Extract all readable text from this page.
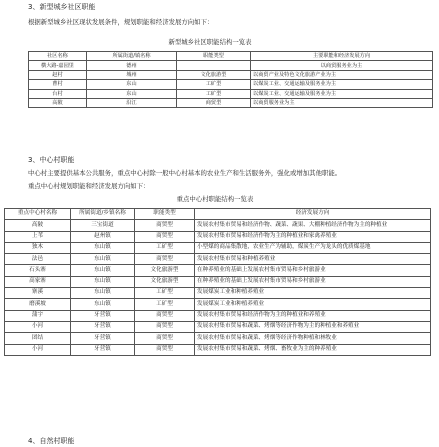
3、新型城乡社区职能
根据新型城乡社区现状发展条件，规划职能和经济发展方向如下：
新型城乡社区职能结构一览表
社区名称	所属街道/镇名称	职能类型	主要职能和经济发展方向
横大路-嘉园里	德州		以商贸服务业为主
赵村	城州	文化旅游型	以商贸产业及特色文化旅游产业为主
曹村	东山	工矿型	以煤炭工业、交通运输及服务业为主
台村	东山	工矿型	以煤炭工业、交通运输及服务业为主
高陂	沿江	商贸型	以商贸服务业为主
3、中心村职能
中心村主要提供基本公共服务，重点中心村除一般中心村基本的农业生产和生活服务外，强化或增加其他职能。
重点中心村规划职能和经济发展方向如下：
重点中心村职能结构一览表
重点中心村名称	所属街道/乡镇名称	职能类型	经济发展方向
高陂	三宝街道	商贸型	发展农村集市贸易和经济作物、蔬菜、蔬果、大棚种植经济作物为主的种植业
上苇	赵州镇	商贸型	发展农村集市贸易和经济作物为主的种植业和家禽养殖业
独木	东山镇	工矿型	小型煤的商品集散地，农业生产为辅助，煤炭生产为龙头的优质煤基地
法邑	东山镇	商贸型	发展农村集市贸易和种植养殖业
石头寨	东山镇	文化旅游型	在种养殖业的基础上发展农村集市贸易和乡村旅游业
高家寨	东山镇	文化旅游型	在种养殖业的基础上发展农村集市贸易和乡村旅游业
寨溪	东山镇	工矿型	发展煤炭工业和种植养殖业
磨溪坡	东山镇	工矿型	发展煤炭工业和种植养殖业
蒲宇	牙营镇	商贸型	发展农村集市贸易和经济作物为主的种植业和养殖业
小河	牙营镇	商贸型	发展农村集市贸易和蔬菜、烤烟等经济作物为主的种植业和养殖业
团结	牙营镇	商贸型	发展农村集市贸易和蔬菜、烤烟等经济作物种植和林牧业
小河	牙营镇	商贸型	发展农村集市贸易和蔬菜、烤烟、畜牧业为主的种养殖业
4、自然村职能
